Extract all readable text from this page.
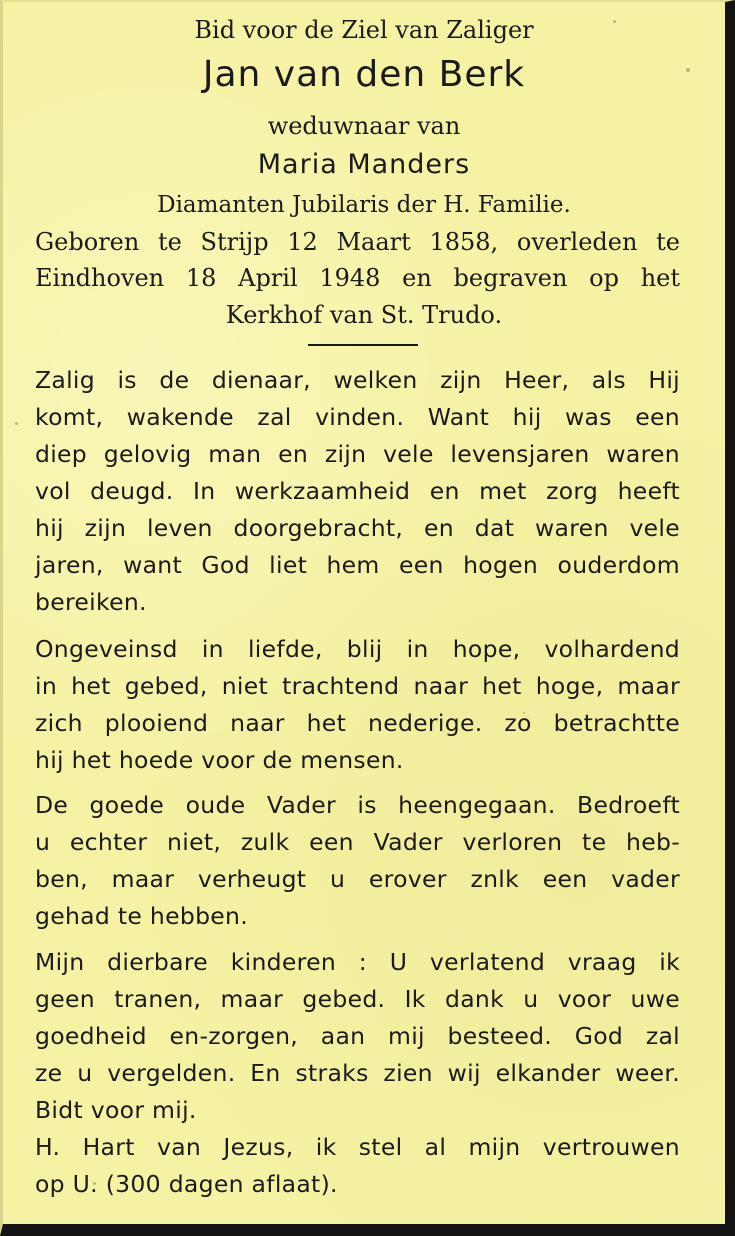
Bid voor de Ziel van Zaliger
Jan van den Berk
weduwnaar van
Maria Manders
Diamanten Jubilaris der H. Familie.
Geboren te Strijp 12 Maart 1858, overleden te
Eindhoven 18 April 1948 en begraven op het
Kerkhof van St. Trudo.
Zalig is de dienaar, welken zijn Heer, als Hij
komt, wakende zal vinden. Want hij was een
diep gelovig man en zijn vele levensjaren waren
vol deugd. In werkzaamheid en met zorg heeft
hij zijn leven doorgebracht, en dat waren vele
jaren, want God liet hem een hogen ouderdom
bereiken.
Ongeveinsd in liefde, blij in hope, volhardend
in het gebed, niet trachtend naar het hoge, maar
zich plooiend naar het nederige. zo betrachtte
hij het hoede voor de mensen.
De goede oude Vader is heengegaan. Bedroeft
u echter niet, zulk een Vader verloren te heb-
ben, maar verheugt u erover znlk een vader
gehad te hebben.
Mijn dierbare kinderen : U verlatend vraag ik
geen tranen, maar gebed. Ik dank u voor uwe
goedheid en-zorgen, aan mij besteed. God zal
ze u vergelden. En straks zien wij elkander weer.
Bidt voor mij.
H. Hart van Jezus, ik stel al mijn vertrouwen
op U. (300 dagen aflaat).
